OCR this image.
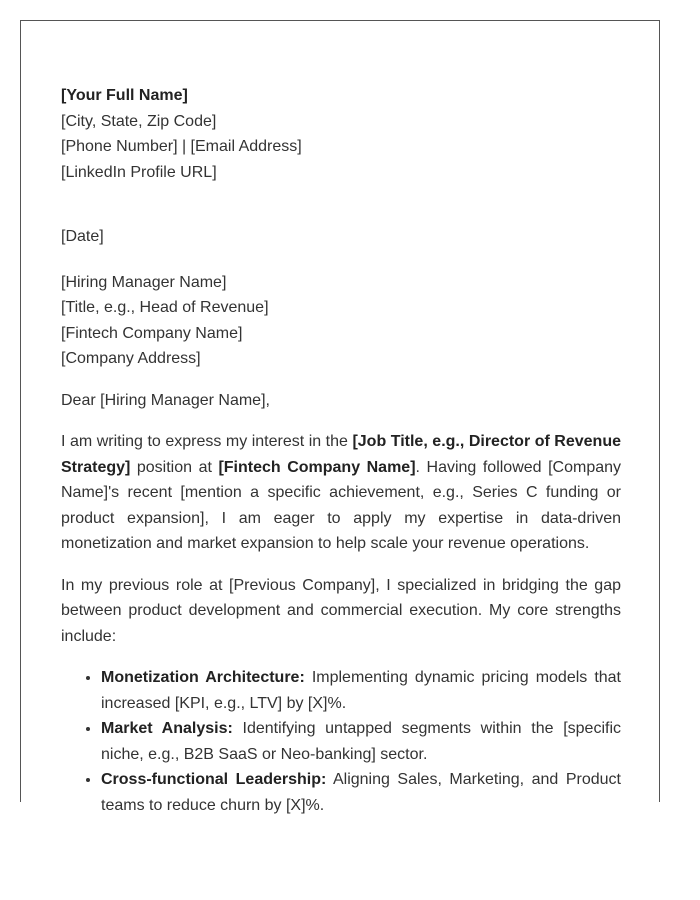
[Your Full Name]
[City, State, Zip Code]
[Phone Number] | [Email Address]
[LinkedIn Profile URL]
[Date]
[Hiring Manager Name]
[Title, e.g., Head of Revenue]
[Fintech Company Name]
[Company Address]

Dear [Hiring Manager Name],

I am writing to express my interest in the [Job Title, e.g., Director of Revenue Strategy] position at [Fintech Company Name]. Having followed [Company Name]'s recent [mention a specific achievement, e.g., Series C funding or product expansion], I am eager to apply my expertise in data-driven monetization and market expansion to help scale your revenue operations.

In my previous role at [Previous Company], I specialized in bridging the gap between product development and commercial execution. My core strengths include:

• Monetization Architecture: Implementing dynamic pricing models that increased [KPI, e.g., LTV] by [X]%.
• Market Analysis: Identifying untapped segments within the [specific niche, e.g., B2B SaaS or Neo-banking] sector.
• Cross-functional Leadership: Aligning Sales, Marketing, and Product teams to reduce churn by [X]%.
